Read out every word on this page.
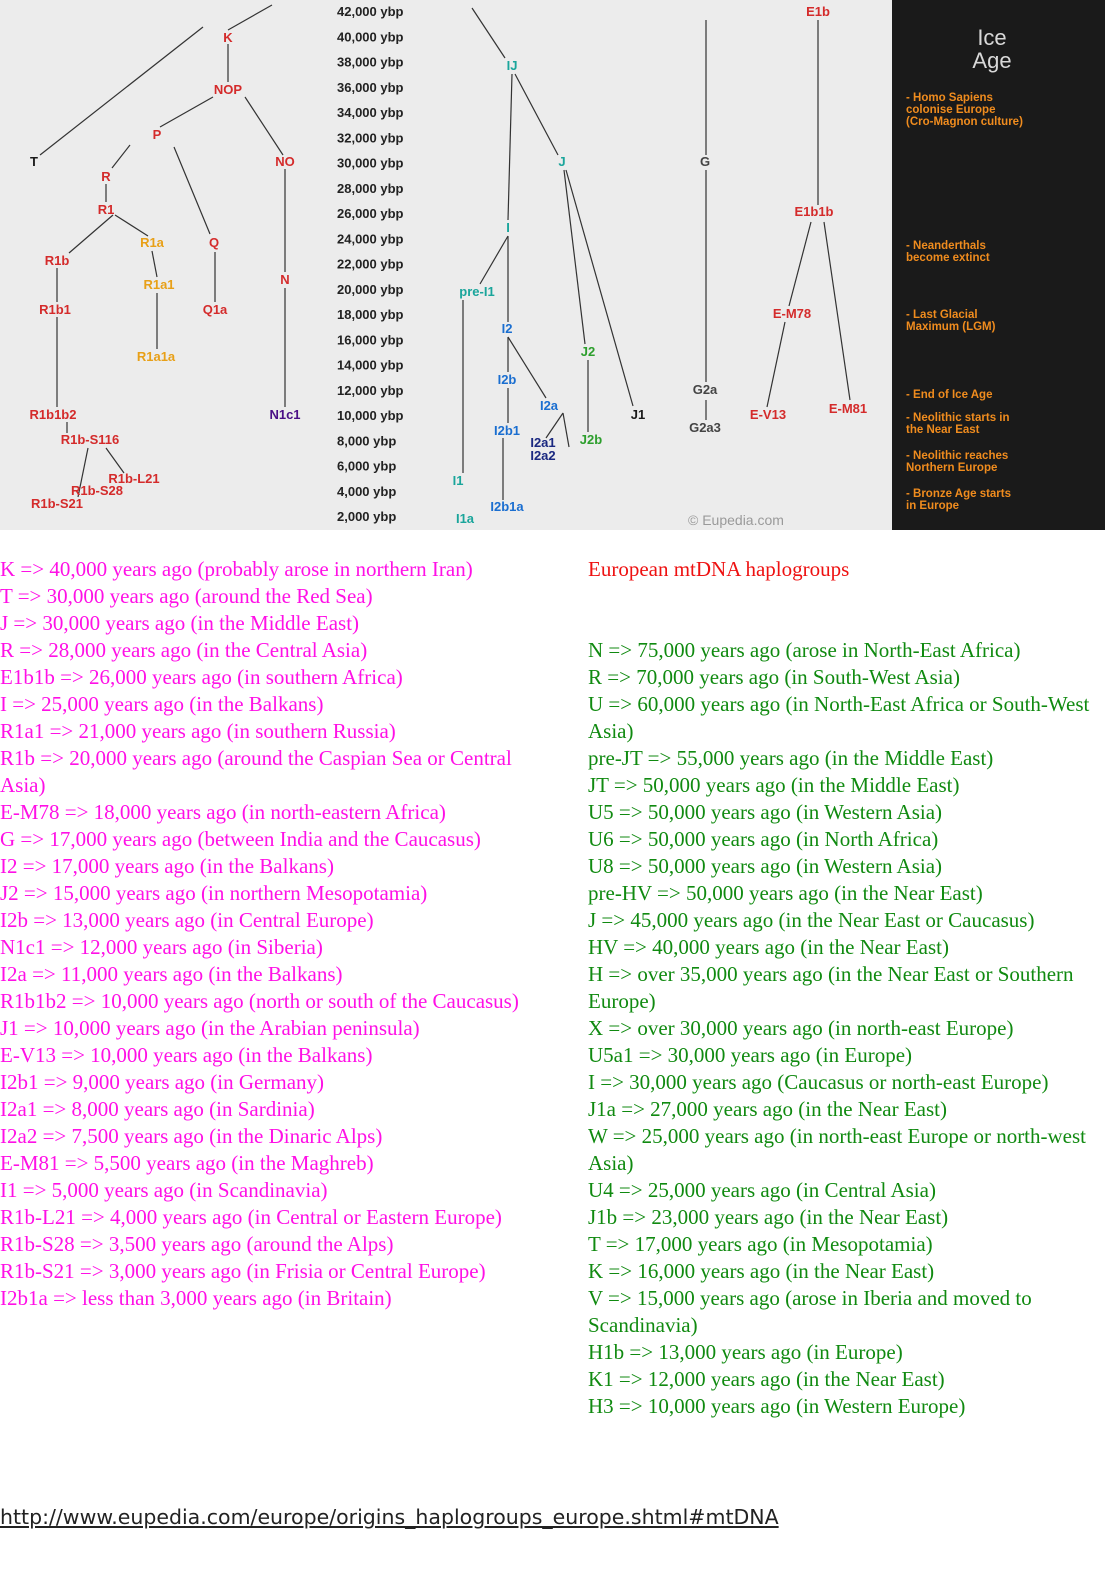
42,000 ybp
40,000 ybp
38,000 ybp
36,000 ybp
34,000 ybp
32,000 ybp
30,000 ybp
28,000 ybp
26,000 ybp
24,000 ybp
22,000 ybp
20,000 ybp
18,000 ybp
16,000 ybp
14,000 ybp
12,000 ybp
10,000 ybp
8,000 ybp
6,000 ybp
4,000 ybp
2,000 ybp
K
NOP
P
T	NO
R
R1
R1a	Q
R1b
N
R1a1
R1b1	Q1a
R1a1a
R1b1b2	N1c1
R1b-S116
R1b-L21
R1b-S28
R1b-S21
E1b
IJ
J	G
E1b1b
I
pre-I1
I2
E-M78
J2
I2b
G2a
E-M81
E-V13
I2a
J1
G2a3
I2b1
I2a1
I2a2
J2b
I1
I1a
I2b1a
Ice
Age
- Homo Sapiens
colonise Europe
(Cro-Magnon culture)
- Neanderthals
become extinct
- Last Glacial
Maximum (LGM)
- End of Ice Age
- Neolithic starts in
the Near East
- Neolithic reaches
Northern Europe
- Bronze Age starts
in Europe
© Eupedia.com
K => 40,000 years ago (probably arose in northern Iran)
T => 30,000 years ago (around the Red Sea)
J => 30,000 years ago (in the Middle East)
R => 28,000 years ago (in the Central Asia)
E1b1b => 26,000 years ago (in southern Africa)
I => 25,000 years ago (in the Balkans)
R1a1 => 21,000 years ago (in southern Russia)
R1b => 20,000 years ago (around the Caspian Sea or Central Asia)
E-M78 => 18,000 years ago (in north-eastern Africa)
G => 17,000 years ago (between India and the Caucasus)
I2 => 17,000 years ago (in the Balkans)
J2 => 15,000 years ago (in northern Mesopotamia)
I2b => 13,000 years ago (in Central Europe)
N1c1 => 12,000 years ago (in Siberia)
I2a => 11,000 years ago (in the Balkans)
R1b1b2 => 10,000 years ago (north or south of the Caucasus)
J1 => 10,000 years ago (in the Arabian peninsula)
E-V13 => 10,000 years ago (in the Balkans)
I2b1 => 9,000 years ago (in Germany)
I2a1 => 8,000 years ago (in Sardinia)
I2a2 => 7,500 years ago (in the Dinaric Alps)
E-M81 => 5,500 years ago (in the Maghreb)
I1 => 5,000 years ago (in Scandinavia)
R1b-L21 => 4,000 years ago (in Central or Eastern Europe)
R1b-S28 => 3,500 years ago (around the Alps)
R1b-S21 => 3,000 years ago (in Frisia or Central Europe)
I2b1a => less than 3,000 years ago (in Britain)
European mtDNA haplogroups
N => 75,000 years ago (arose in North-East Africa)
R => 70,000 years ago (in South-West Asia)
U => 60,000 years ago (in North-East Africa or South-West Asia)
pre-JT => 55,000 years ago (in the Middle East)
JT => 50,000 years ago (in the Middle East)
U5 => 50,000 years ago (in Western Asia)
U6 => 50,000 years ago (in North Africa)
U8 => 50,000 years ago (in Western Asia)
pre-HV => 50,000 years ago (in the Near East)
J => 45,000 years ago (in the Near East or Caucasus)
HV => 40,000 years ago (in the Near East)
H => over 35,000 years ago (in the Near East or Southern Europe)
X => over 30,000 years ago (in north-east Europe)
U5a1 => 30,000 years ago (in Europe)
I => 30,000 years ago (Caucasus or north-east Europe)
J1a => 27,000 years ago (in the Near East)
W => 25,000 years ago (in north-east Europe or north-west Asia)
U4 => 25,000 years ago (in Central Asia)
J1b => 23,000 years ago (in the Near East)
T => 17,000 years ago (in Mesopotamia)
K => 16,000 years ago (in the Near East)
V => 15,000 years ago (arose in Iberia and moved to Scandinavia)
H1b => 13,000 years ago (in Europe)
K1 => 12,000 years ago (in the Near East)
H3 => 10,000 years ago (in Western Europe)
http://www.eupedia.com/europe/origins_haplogroups_europe.shtml#mtDNA
